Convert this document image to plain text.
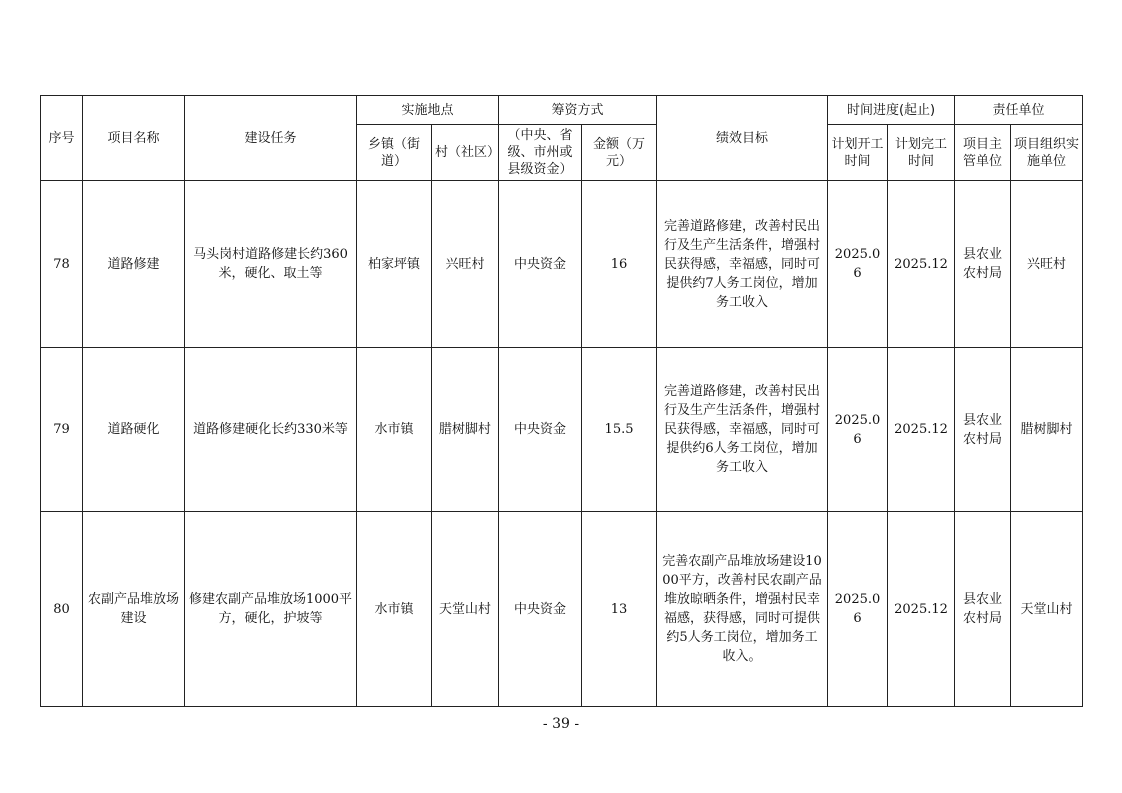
序号	项目名称	建设任务	实施地点		筹资方式		绩效目标	时间进度(起止)		责任单位	
			乡镇（街道）	村（社区）	（中央、省级、市州或县级资金）	金额（万元）		计划开工时间	计划完工时间	项目主管单位	项目组织实施单位
78	道路修建	马头岗村道路修建长约360米，硬化、取土等	柏家坪镇	兴旺村	中央资金	16	完善道路修建，改善村民出行及生产生活条件，增强村民获得感，幸福感，同时可提供约7人务工岗位，增加务工收入	2025.06	2025.12	县农业农村局	兴旺村
79	道路硬化	道路修建硬化长约330米等	水市镇	腊树脚村	中央资金	15.5	完善道路修建，改善村民出行及生产生活条件，增强村民获得感，幸福感，同时可提供约6人务工岗位，增加务工收入	2025.06	2025.12	县农业农村局	腊树脚村
80	农副产品堆放场建设	修建农副产品堆放场1000平方，硬化，护坡等	水市镇	天堂山村	中央资金	13	完善农副产品堆放场建设1000平方，改善村民农副产品堆放晾晒条件，增强村民幸福感，获得感，同时可提供约5人务工岗位，增加务工收入。	2025.06	2025.12	县农业农村局	天堂山村
- 39 -
